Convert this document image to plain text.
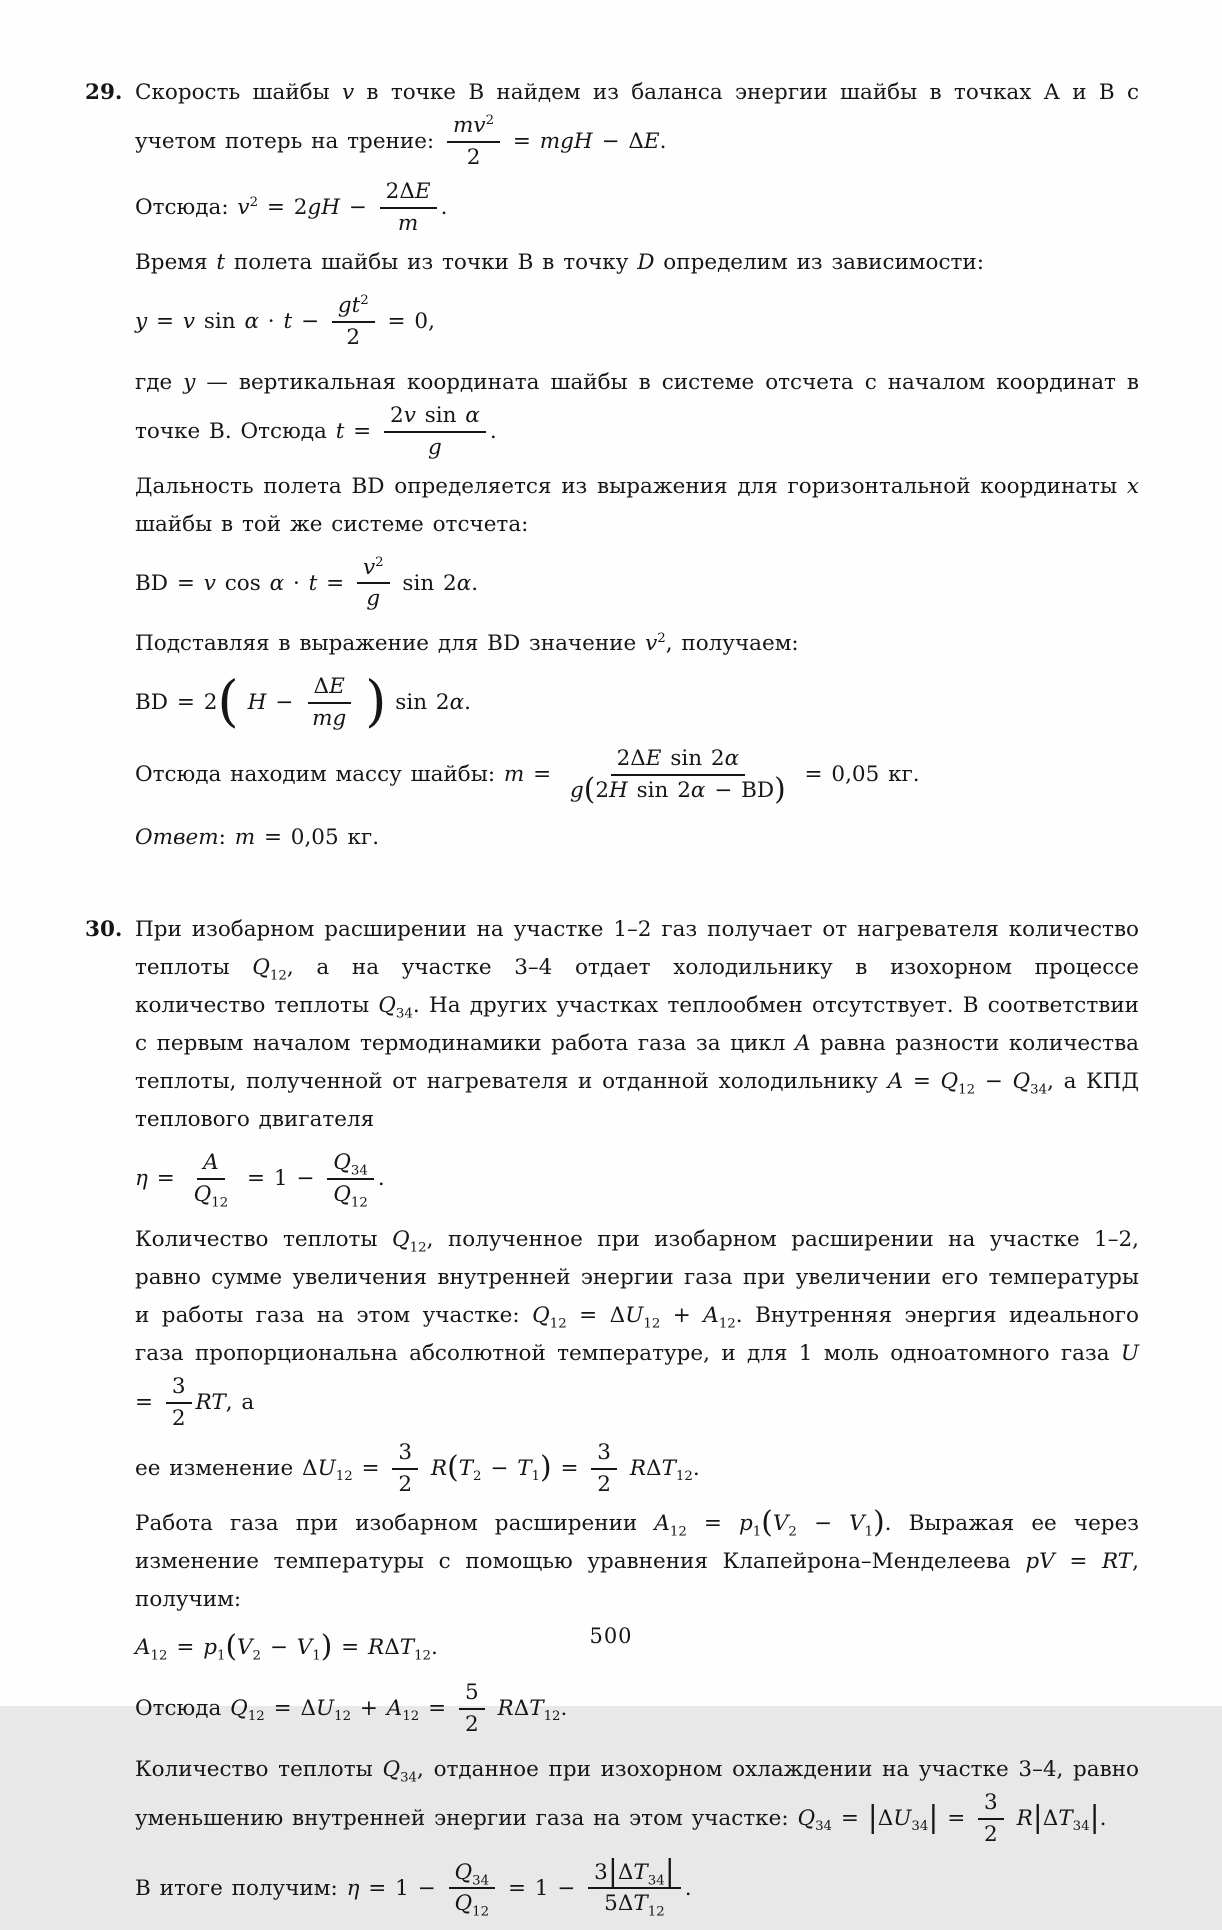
29. Скорость шайбы v в точке В найдем из баланса энергии шайбы в точках А и В с учетом потерь на трение: $\frac{mv^2}{2}$ = mgH − ΔE.
Отсюда: $v^2 = 2gH - \frac{2\Delta E}{m}$ .
Время t полета шайбы из точки В в точку D определим из зависимости:
y = v $\sin \alpha \cdot t - \frac{gt^2}{2} = 0$,
где y — вертикальная координата шайбы в системе отсчета с началом координат в точке В. Отсюда $t = \frac{\text{2v sin α}}{g}$ .
Дальность полета BD определяется из выражения для горизонтальной координаты x шайбы в той же системе отсчета:
BD = v $\cos \alpha \cdot t = \frac{v^2}{g}$ sin 2α.
Подставляя в выражение для BD значение $v^2$, получаем:
BD = 2( $H - \frac{\Delta E}{mg}$ ) sin 2α.
Отсюда находим массу шайбы: $m = \frac{\text{2ΔE sin 2α}}{\text{g(2H sin 2α − BD)}} = 0,05$ кг.
Ответ: m = 0,05 кг.
30. При изобарном расширении на участке 1–2 газ получает от нагревателя количество теплоты $Q_{12}$, а на участке 3–4 отдает холодильнику в изохорном процессе количество теплоты $Q_{34}$. На других участках теплообмен отсутствует. В соответствии с первым началом термодинамики работа газа за цикл A равна разности количества теплоты, полученной от нагревателя и отданной холодильнику $A = Q_{12} - Q_{34}$, а КПД теплового двигателя
$\eta = \frac{A}{Q_{12}} = 1 - \frac{Q_{34}}{Q_{12}}$ .
Количество теплоты $Q_{12}$, полученное при изобарном расширении на участке 1–2, равно сумме увеличения внутренней энергии газа при увеличении его температуры и работы газа на этом участке: $Q_{12} = \Delta U_{12} + A_{12}$. Внутренняя энергия идеального газа пропорциональна абсолютной температуре, и для 1 моль одноатомного газа $U = \frac{3}{2}$ RT, а
ее изменение $\Delta U_{12} = \frac{3}{2} R(T_2 - T_1) = \frac{3}{2} R\Delta T_{12}$.
Работа газа при изобарном расширении $A_{12} = p_1(V_2 - V_1)$. Выражая ее через изменение температуры с помощью уравнения Клапейрона–Менделеева pV = RT, получим:
$A_{12} = p_1(V_2 - V_1) = R\Delta T_{12}$.
Отсюда $Q_{12} = \Delta U_{12} + A_{12} = \frac{5}{2} R\Delta T_{12}$.
Количество теплоты $Q_{34}$, отданное при изохорном охлаждении на участке 3–4, равно уменьшению внутренней энергии газа на этом участке: $Q_{34} = |\Delta U_{34}| = \frac{3}{2} R|\Delta T_{34}|$.
В итоге получим: $\eta = 1 - \frac{Q_{34}}{Q_{12}} = 1 - \frac{3|\Delta T_{34}|}{5\Delta T_{12}}$ .
500
